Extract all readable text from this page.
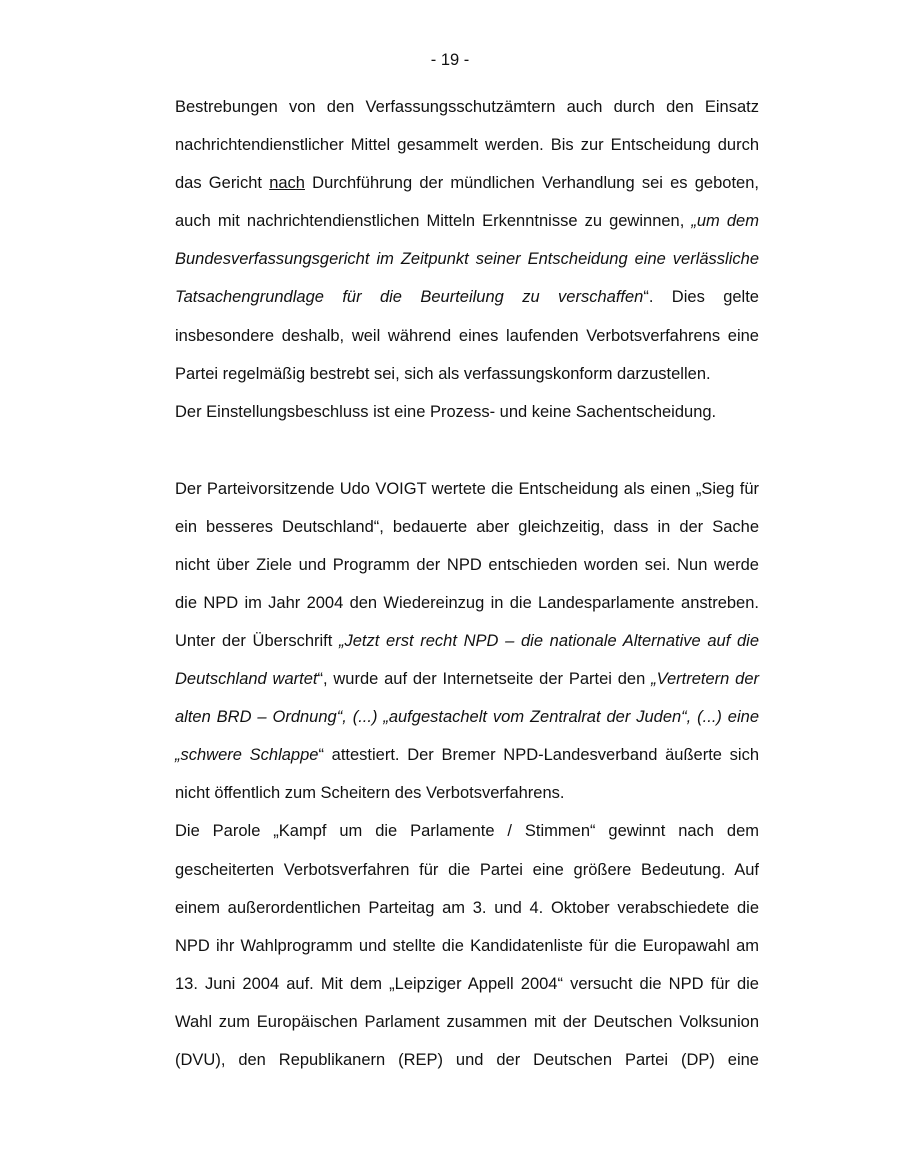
- 19 -
Bestrebungen von den Verfassungsschutzämtern auch durch den Einsatz
nachrichtendienstlicher Mittel gesammelt werden. Bis zur Entscheidung durch
das Gericht nach Durchführung der mündlichen Verhandlung sei es geboten,
auch mit nachrichtendienstlichen Mitteln Erkenntnisse zu gewinnen, „um dem
Bundesverfassungsgericht im Zeitpunkt seiner Entscheidung eine verlässliche
Tatsachengrundlage für die Beurteilung zu verschaffen“. Dies gelte
insbesondere deshalb, weil während eines laufenden Verbotsverfahrens eine
Partei regelmäßig bestrebt sei, sich als verfassungskonform darzustellen.
Der Einstellungsbeschluss ist eine Prozess- und keine Sachentscheidung.
Der Parteivorsitzende Udo VOIGT wertete die Entscheidung als einen „Sieg für
ein besseres Deutschland“, bedauerte aber gleichzeitig, dass in der Sache
nicht über Ziele und Programm der NPD entschieden worden sei. Nun werde
die NPD im Jahr 2004 den Wiedereinzug in die Landesparlamente anstreben.
Unter der Überschrift „Jetzt erst recht NPD – die nationale Alternative auf die
Deutschland wartet“, wurde auf der Internetseite der Partei den „Vertretern der
alten BRD – Ordnung“, (...) „aufgestachelt vom Zentralrat der Juden“, (...) eine
„schwere Schlappe“ attestiert. Der Bremer NPD-Landesverband äußerte sich
nicht öffentlich zum Scheitern des Verbotsverfahrens.
Die Parole „Kampf um die Parlamente / Stimmen“ gewinnt nach dem
gescheiterten Verbotsverfahren für die Partei eine größere Bedeutung. Auf
einem außerordentlichen Parteitag am 3. und 4. Oktober verabschiedete die
NPD ihr Wahlprogramm und stellte die Kandidatenliste für die Europawahl am
13. Juni 2004 auf. Mit dem „Leipziger Appell 2004“ versucht die NPD für die
Wahl zum Europäischen Parlament zusammen mit der Deutschen Volksunion
(DVU), den Republikanern (REP) und der Deutschen Partei (DP) eine
